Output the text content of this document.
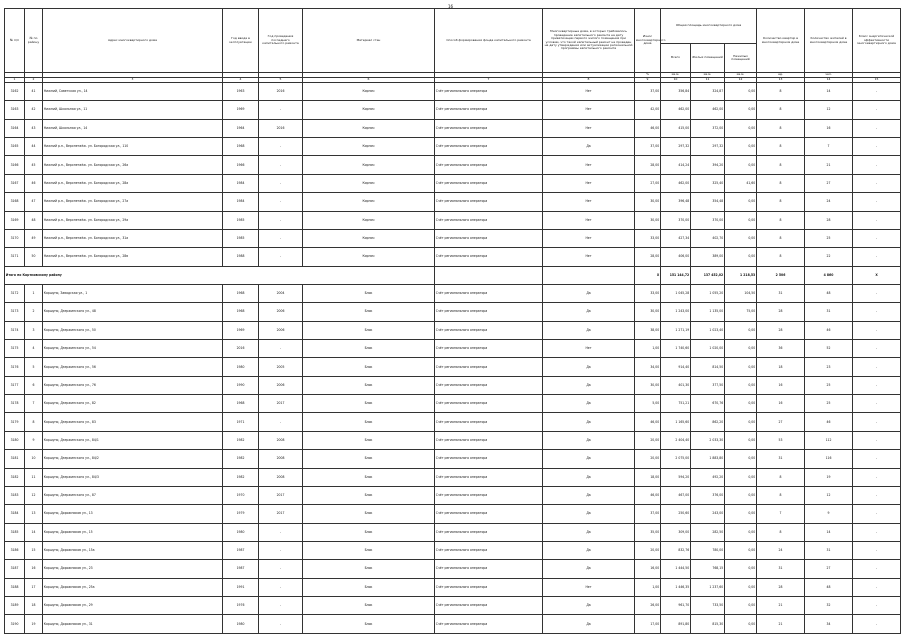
16
№ п/п	№ по району	Адрес многоквартирного дома	Год ввода в эксплуатацию	Год проведения последнего капитального ремонта	Материал стен	Способ формирования фонда капитального ремонта	Многоквартирные дома, в которых требовалось проведение капитального ремонта на дату приватизации первого жилого помещения при условии, что такой капитальный ремонт не проведен на дату утверждения или актуализации региональной программы капитального ремонта	Износ многоквартирного дома	Общая площадь многоквартирного дома			Количество квартир в многоквартирном доме	Количество жителей в многоквартирном доме	Класс энергетической эффективности многоквартирного дома
									Всего	Жилых помещений	Нежилых помещений			
								%	кв.м.	кв.м.	кв.м.	ед.	чел.	
1	2	3	4	5	6	7	8	9	10	11	12	13	14	15
3162	41	Нижний, Советская ул., 14	1963	2016	Кирпич	Счёт регионального оператора	Нет	37,00	356,84	324,87	0,00	8	14	-
3163	42	Нижний, Школьная ул., 11	1969	-	Кирпич	Счёт регионального оператора	Нет	42,00	462,00	462,00	0,00	8	12	-
3164	43	Нижний, Школьная ул., 14	1964	2016	Кирпич	Счёт регионального оператора	Нет	46,00	415,00	372,00	0,00	8	16	-
3165	44	Нижний р.п., Верхнетаёж. ул. Богородская ул., 110	1968	-	Кирпич	Счёт регионального оператора	Да	37,00	297,32	297,32	0,00	8	7	-
3166	45	Нижний р.п., Верхнетаёж. ул. Богородская ул., 26а	1966	-	Кирпич	Счёт регионального оператора	Нет	28,00	414,24	394,20	0,00	8	21	-
3167	46	Нижний р.п., Верхнетаёж. ул. Богородская ул., 28а	1984	-	Кирпич	Счёт регионального оператора	Нет	27,00	462,00	325,40	41,60	8	27	-
3168	47	Нижний р.п., Верхнетаёж. ул. Богородская ул., 27а	1984	-	Кирпич	Счёт регионального оператора	Нет	30,00	396,48	354,48	0,00	8	24	-
3169	48	Нижний р.п., Верхнетаёж. ул. Богородская ул., 29а	1985	-	Кирпич	Счёт регионального оператора	Нет	30,00	370,00	370,00	0,00	8	28	-
3170	49	Нижний р.п., Верхнетаёж. ул. Богородская ул., 31а	1985	-	Кирпич	Счёт регионального оператора	Нет	33,00	427,34	402,70	0,00	8	25	-
3171	50	Нижний р.п., Верхнетаёж. ул. Богородская ул., 28в	1988	-	Кирпич	Счёт регионального оператора	Нет	28,00	406,00	389,00	0,00	8	22	-
Итого по Кортковскому району								X	151 144,72	137 452,02	1 218,53	2 506	4 860	X
3172	1	Коршуно, Заводская ул., 1	1968	2004	Блок	Счёт регионального оператора	Да	33,00	1 045,28	1 055,20	104,50	31	48	-
3173	2	Коршуно, Дзержинского ул., 48	1968	2006	Блок	Счёт регионального оператора	Да	30,00	1 243,00	1 135,00	75,00	28	31	-
3174	3	Коршуно, Дзержинского ул., 50	1969	2006	Блок	Счёт регионального оператора	Да	38,00	1 271,19	1 023,40	0,00	28	46	-
3175	4	Коршуно, Дзержинского ул., 54	2016	-	Блок	Счёт регионального оператора	Нет	1,00	1 740,60	1 020,00	0,00	36	52	-
3176	5	Коршуно, Дзержинского ул., 56	1980	2005	Блок	Счёт регионального оператора	Да	34,00	914,40	814,50	0,00	18	23	-
3177	6	Коршуно, Дзержинского ул., 76	1990	2006	Блок	Счёт регионального оператора	Да	30,00	401,30	377,50	0,00	16	25	-
3178	7	Коршуно, Дзержинского ул., 82	1968	2017	Блок	Счёт регионального оператора	Да	5,00	751,21	670,76	0,00	16	25	-
3179	8	Коршуно, Дзержинского ул., 83	1971	-	Блок	Счёт регионального оператора	Да	46,00	1 165,60	862,20	0,00	27	46	-
3180	9	Коршуно, Дзержинского ул., 84/1	1982	2008	Блок	Счёт регионального оператора	Да	20,00	2 404,40	2 033,30	0,00	53	112	-
3181	10	Коршуно, Дзержинского ул., 84/2	1982	2008	Блок	Счёт регионального оператора	Да	20,00	2 075,00	1 883,80	0,00	31	116	-
3182	11	Коршуно, Дзержинского ул., 84/3	1982	2008	Блок	Счёт регионального оператора	Да	18,00	594,20	492,20	0,00	8	19	-
3183	12	Коршуно, Дзержинского ул., 87	1970	2017	Блок	Счёт регионального оператора	Да	46,00	467,00	376,00	0,00	8	12	-
3184	13	Коршуно, Дорожников ул., 13	1979	2017	Блок	Счёт регионального оператора	Да	37,00	250,60	243,00	0,00	7	9	-
3185	14	Коршуно, Дорожников ул., 15	1980	-	Блок	Счёт регионального оператора	Да	35,00	309,00	282,50	0,00	8	14	-
3186	15	Коршуно, Дорожников ул., 15а	1987	-	Блок	Счёт регионального оператора	Да	20,00	832,76	780,00	0,00	24	31	-
3187	16	Коршуно, Дорожников ул., 23	1987	-	Блок	Счёт регионального оператора	Да	16,00	1 444,50	768,15	0,00	31	27	-
3188	17	Коршуно, Дорожников ул., 25а	1991	-	Блок	Счёт регионального оператора	Нет	1,00	1 446,35	1 237,60	0,00	28	48	-
3189	18	Коршуно, Дорожников ул., 29	1976	-	Блок	Счёт регионального оператора	Да	26,00	961,70	733,50	0,00	21	32	-
3190	19	Коршуно, Дорожников ул., 31	1980	-	Блок	Счёт регионального оператора	Да	17,00	891,80	815,30	0,00	21	34	-
